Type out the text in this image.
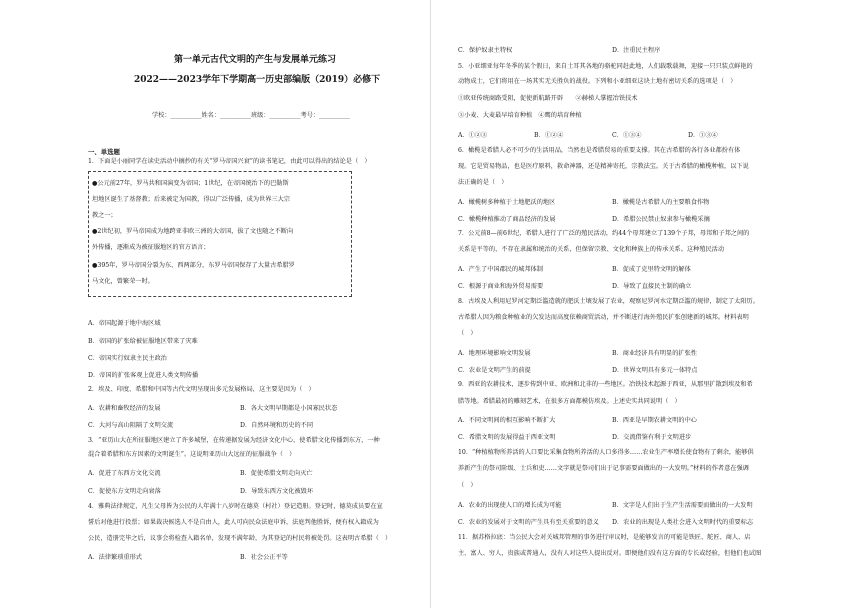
第一单元古代文明的产生与发展单元练习
2022——2023学年下学期高一历史部编版（2019）必修下
学校：__________姓名：__________班级：__________考号：__________
一、单选题
1．下面是小丽同学在读史活动中摘抄的有关“罗马帝国兴衰”的读书笔记，由此可以得出的结论是（　）
●公元前27年，罗马共和国演变为帝国；1世纪，在帝国统治下的巴勒斯
坦地区诞生了基督教；后来被定为国教，得以广泛传播，成为世界三大宗
教之一；
●2世纪初，罗马帝国成为地跨亚非欧三洲的大帝国，拔了文也随之不断向
外传播，逐渐成为被征服地区的官方语言；
●395年，罗马帝国分裂为东、西两部分，东罗马帝国保存了大量古希腊罗
马文化，曾繁荣一时。
A．帝国起源于地中海区域
B．帝国的扩张给被征服地区带来了灾难
C．帝国实行奴隶主民主政治
D．帝国的扩张客观上促进人类文明传播
2．埃及、印度、希腊和中国等古代文明呈现出多元发展格局，这主要是因为（　）
A．农耕和畜牧经济的发展	B．各大文明早期都是小国寡民状态
C．大河与高山阻隔了文明交流	D．自然环境和历史的不同
3．“亚历山大在所征服地区建立了许多城堡，在传递据发展为经济文化中心，使希腊文化传播到东方，一种
混合着希腊和东方因素的文明诞生”。这说明亚历山大远征的征服战争（　）
A．促进了东西方文化交流	B．促使希腊文明走向灭亡
C．促使东方文明走向衰落	D．导致东西方文化被毁坏
4．雅典法律规定，凡生父母皆为公民的人年满十八岁时在德莫（村社）登记造册。登记时，德莫成员要在宣
誓后对他进行投票；如果裁决候选人不是自由人，此人可向民众法庭申诉，法庭判他胜诉，便有权入籍成为
公民，造册完毕之后，议事会将检查入籍名单，发现不满年龄，为其登记的村民将被处罚。这表明古希腊（　）
A．法律繁琐重形式	B．社会公正平等
C．保护奴隶主特权	D．注重民主程序
5．小亚细亚每年冬季的某个假日，来自土耳其各地的骆驼同赶此地，人们载歌载舞，迎接一只只装点鲜艳的
动物成士，它们将用在一场其实无关胜负的战役。下列和小亚细亚这块土地有密切关系的选项是（　）
①欧亚传统商路受阻，促使新航路开辟　　②赫梯人掌握冶铁技术
③小麦、大麦最早培育种植　④鹰的培育种植
A．①②③	B．①②④	C．①③④	D．①③④
6．橄榄是希腊人必不可少的生活用品，当然也是希腊贸易的重要支撑。其在古希腊的各行各业都扮有体
现。它是贸易物品，也是医疗原料，救命神器，还是精神寄托，宗教法宝。关于古希腊的橄榄种植，以下说
法正确的是（　）
A．橄榄树多种植于土地肥沃的地区	B．橄榄是古希腊人的主要粮食作物
C．橄榄种植推动了商品经济的发展	D．希腊公民禁止奴隶参与橄榄采摘
7．公元前8—前6世纪，希腊人进行了广泛的殖民活动，约44个母邦建立了139个子邦，母邦和子邦之间的
关系是平等的，不存在隶属和统治的关系，但保留宗教、文化和种族上的传承关系。这种殖民活动
A．产生了中国郡民的城邦体制	B．促成了克里特文明的解体
C．根源于商业和海外贸易需要	D．导致了直接民主制的确立
8．古埃及人利用尼罗河定期泛滥造就的肥沃土壤发展了农业，观察尼罗河水定期泛滥的规律，制定了太阳历。
古希腊人因为粮食种植业的欠发达而高度依赖商贸活动，并不断进行海外殖民扩张创建新的城邦。材料表明
（　）
A．地理环境影响文明发展	B．商业经济具有明显的扩张性
C．农业是文明产生的前提	D．世界文明具有多元一体特点
9．西亚的农耕技术，逐步传到中亚、欧洲和北非的一些地区。冶铁技术起源于西亚，从那里扩散到埃及和希
腊等地。希腊最初的雕刻艺术，在很多方面都模仿埃及。上述史实共同说明（　）
A．不同文明间的相互影响不断扩大	B．西亚是早期农耕文明的中心
C．希腊文明的发展得益于西亚文明	D．交流借鉴有利于文明进步
10．“种植植物所养活的人口要比采集食物所养活的人口多得多……农业生产率增长使食物有了剩余，能够供
养新产生的祭司阶级、士兵和吏……文字就是祭司们出于记事需要面做出的一大发明。”材料的作者意在强调
（　）
A．农业的出现使人口的增长成为可能	B．文字是人们出于生产生活需要而做出的一大发明
C．农业的发展对于文明的产生具有至关重要的意义 D．农业的出现是人类社会进入文明时代的重要标志
11．据苏格拉底：当公民大会对关城邦管理的事务进行审议时，是能够发言的可能是铁匠、舵匠、商人、店
主、富人、穷人，贵族或普通人，没有人对这些人提出反对。即便他们没有这方面的专长或经验，但他们也试图
